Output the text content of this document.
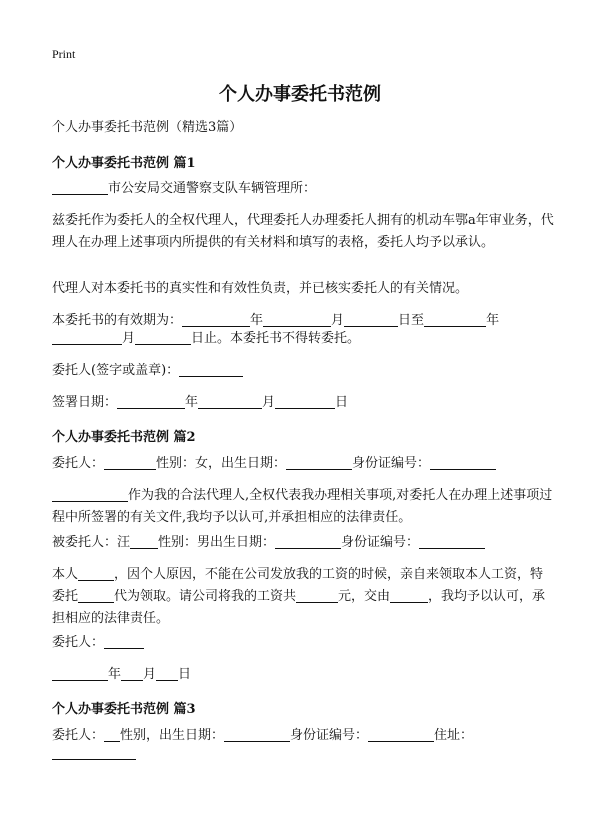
Print
个人办事委托书范例
个人办事委托书范例（精选3篇）
个人办事委托书范例 篇1
市公安局交通警察支队车辆管理所：
兹委托作为委托人的全权代理人，代理委托人办理委托人拥有的机动车鄂a年审业务，代理人在办理上述事项内所提供的有关材料和填写的表格，委托人均予以承认。
代理人对本委托书的真实性和有效性负责，并已核实委托人的有关情况。
本委托书的有效期为：	年	月	日至	年
月	日止。本委托书不得转委托。
委托人(签字或盖章)：
签署日期：	年	月	日
个人办事委托书范例 篇2
委托人：	性别：女，出生日期：	身份证编号：
作为我的合法代理人,全权代表我办理相关事项,对委托人在办理上述事项过程中所签署的有关文件,我均予以认可,并承担相应的法律责任。
被委托人：汪 性别：男出生日期：	身份证编号：
本人	，因个人原因，不能在公司发放我的工资的时候，亲自来领取本人工资，特委托	代为领取。请公司将我的工资共	元，交由	，我均予以认可，承担相应的法律责任。
委托人：
年 月 日
个人办事委托书范例 篇3
委托人： 性别，出生日期：	身份证编号：	住址：
